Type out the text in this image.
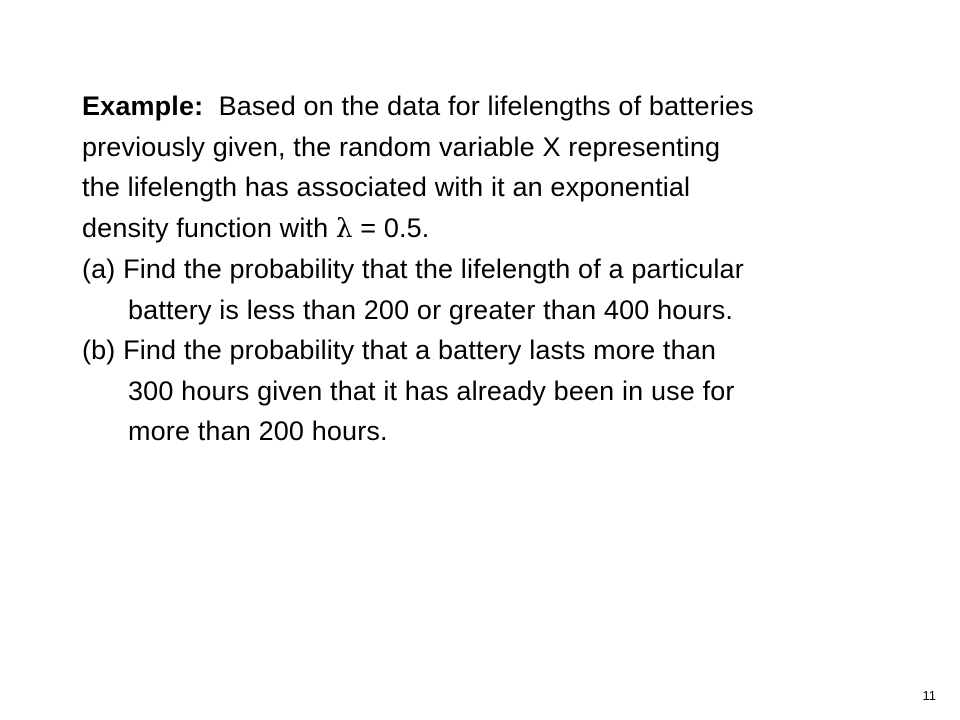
Example: Based on the data for lifelengths of batteries
previously given, the random variable X representing
the lifelength has associated with it an exponential
density function with λ = 0.5.
(a) Find the probability that the lifelength of a particular
battery is less than 200 or greater than 400 hours.
(b) Find the probability that a battery lasts more than
300 hours given that it has already been in use for
more than 200 hours.
11
